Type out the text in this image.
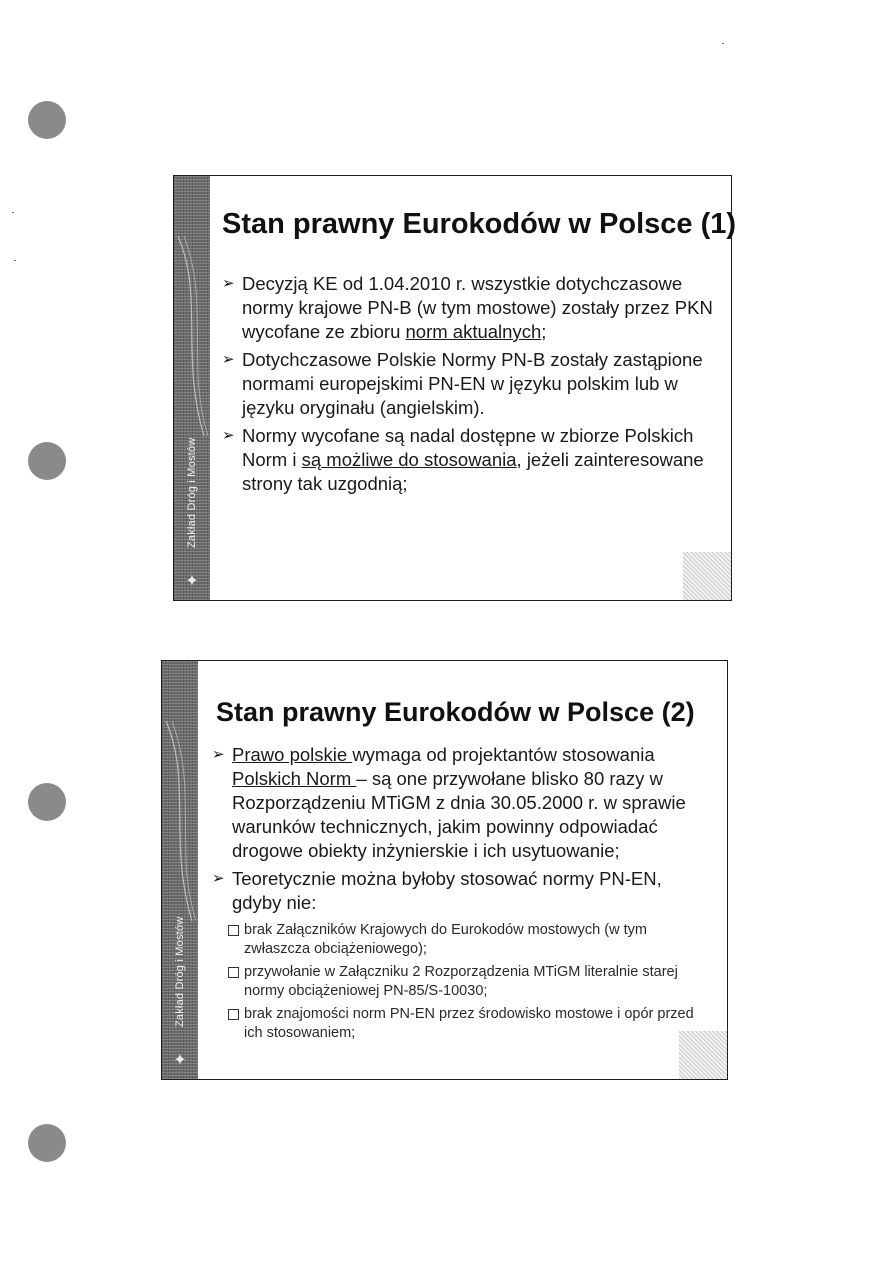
Zakład Dróg i Mostów
✦
Stan prawny Eurokodów w Polsce (1)
➢ Decyzją KE od 1.04.2010 r. wszystkie dotychczasowe normy krajowe PN-B (w tym mostowe) zostały przez PKN wycofane ze zbioru norm aktualnych;
➢ Dotychczasowe Polskie Normy PN-B zostały zastąpione normami europejskimi PN-EN w języku polskim lub w języku oryginału (angielskim).
➢ Normy wycofane są nadal dostępne w zbiorze Polskich Norm i są możliwe do stosowania, jeżeli zainteresowane strony tak uzgodnią;
Zakład Dróg i Mostów
✦
Stan prawny Eurokodów w Polsce (2)
➢ Prawo polskie wymaga od projektantów stosowania Polskich Norm – są one przywołane blisko 80 razy w Rozporządzeniu MTiGM z dnia 30.05.2000 r. w sprawie warunków technicznych, jakim powinny odpowiadać drogowe obiekty inżynierskie i ich usytuowanie;
➢ Teoretycznie można byłoby stosować normy PN-EN, gdyby nie:
brak Załączników Krajowych do Eurokodów mostowych (w tym zwłaszcza obciążeniowego);
przywołanie w Załączniku 2 Rozporządzenia MTiGM literalnie starej normy obciążeniowej PN-85/S-10030;
brak znajomości norm PN-EN przez środowisko mostowe i opór przed ich stosowaniem;
